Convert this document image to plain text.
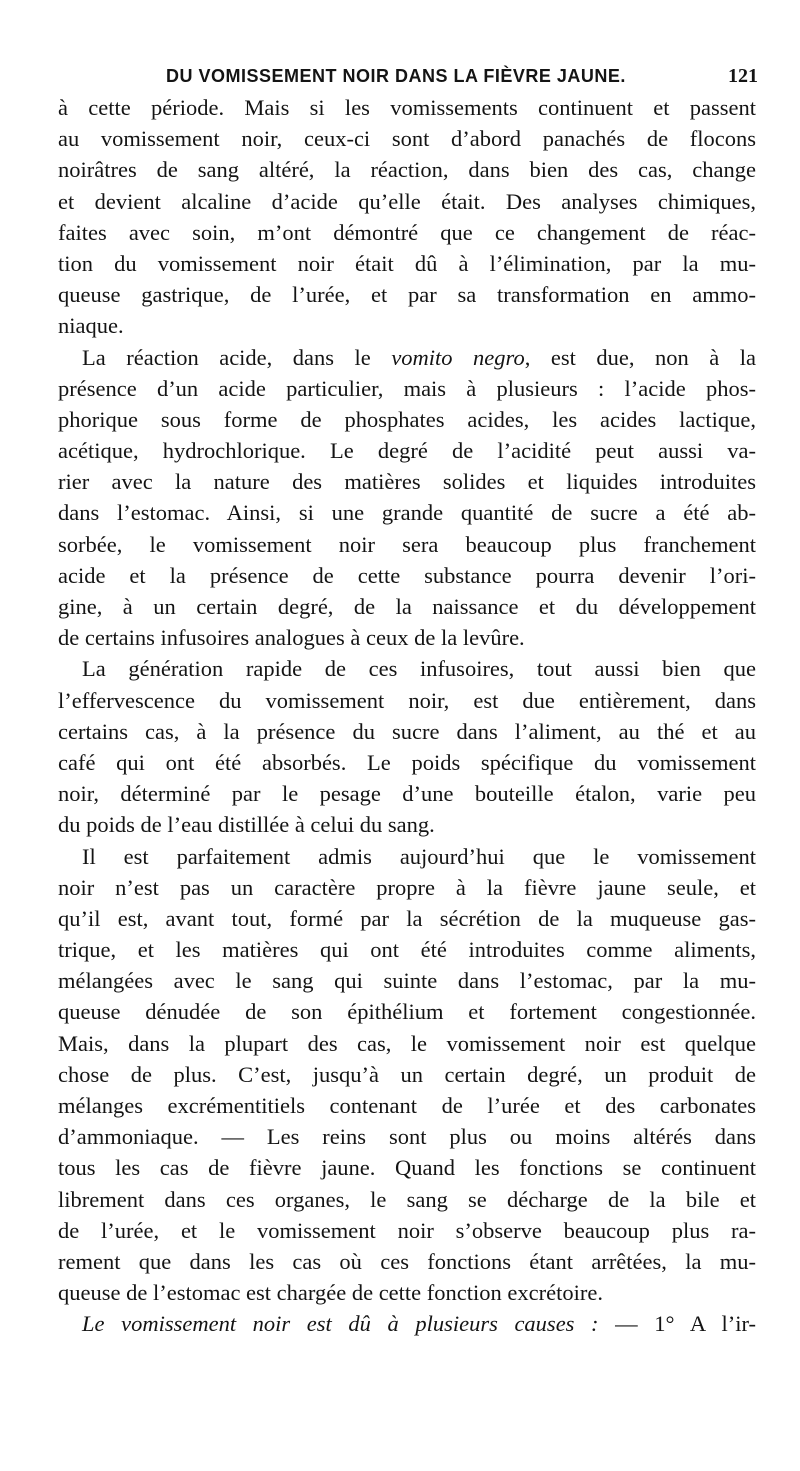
DU VOMISSEMENT NOIR DANS LA FIÈVRE JAUNE.	121
à cette période. Mais si les vomissements continuent et passent
au vomissement noir, ceux-ci sont d’abord panachés de flocons
noirâtres de sang altéré, la réaction, dans bien des cas, change
et devient alcaline d’acide qu’elle était. Des analyses chimiques,
faites avec soin, m’ont démontré que ce changement de réac-
tion du vomissement noir était dû à l’élimination, par la mu-
queuse gastrique, de l’urée, et par sa transformation en ammo-
niaque.
La réaction acide, dans le vomito negro, est due, non à la
présence d’un acide particulier, mais à plusieurs : l’acide phos-
phorique sous forme de phosphates acides, les acides lactique,
acétique, hydrochlorique. Le degré de l’acidité peut aussi va-
rier avec la nature des matières solides et liquides introduites
dans l’estomac. Ainsi, si une grande quantité de sucre a été ab-
sorbée, le vomissement noir sera beaucoup plus franchement
acide et la présence de cette substance pourra devenir l’ori-
gine, à un certain degré, de la naissance et du développement
de certains infusoires analogues à ceux de la levûre.
La génération rapide de ces infusoires, tout aussi bien que
l’effervescence du vomissement noir, est due entièrement, dans
certains cas, à la présence du sucre dans l’aliment, au thé et au
café qui ont été absorbés. Le poids spécifique du vomissement
noir, déterminé par le pesage d’une bouteille étalon, varie peu
du poids de l’eau distillée à celui du sang.
Il est parfaitement admis aujourd’hui que le vomissement
noir n’est pas un caractère propre à la fièvre jaune seule, et
qu’il est, avant tout, formé par la sécrétion de la muqueuse gas-
trique, et les matières qui ont été introduites comme aliments,
mélangées avec le sang qui suinte dans l’estomac, par la mu-
queuse dénudée de son épithélium et fortement congestionnée.
Mais, dans la plupart des cas, le vomissement noir est quelque
chose de plus. C’est, jusqu’à un certain degré, un produit de
mélanges excrémentitiels contenant de l’urée et des carbonates
d’ammoniaque. — Les reins sont plus ou moins altérés dans
tous les cas de fièvre jaune. Quand les fonctions se continuent
librement dans ces organes, le sang se décharge de la bile et
de l’urée, et le vomissement noir s’observe beaucoup plus ra-
rement que dans les cas où ces fonctions étant arrêtées, la mu-
queuse de l’estomac est chargée de cette fonction excrétoire.
Le vomissement noir est dû à plusieurs causes : — 1° A l’ir-
